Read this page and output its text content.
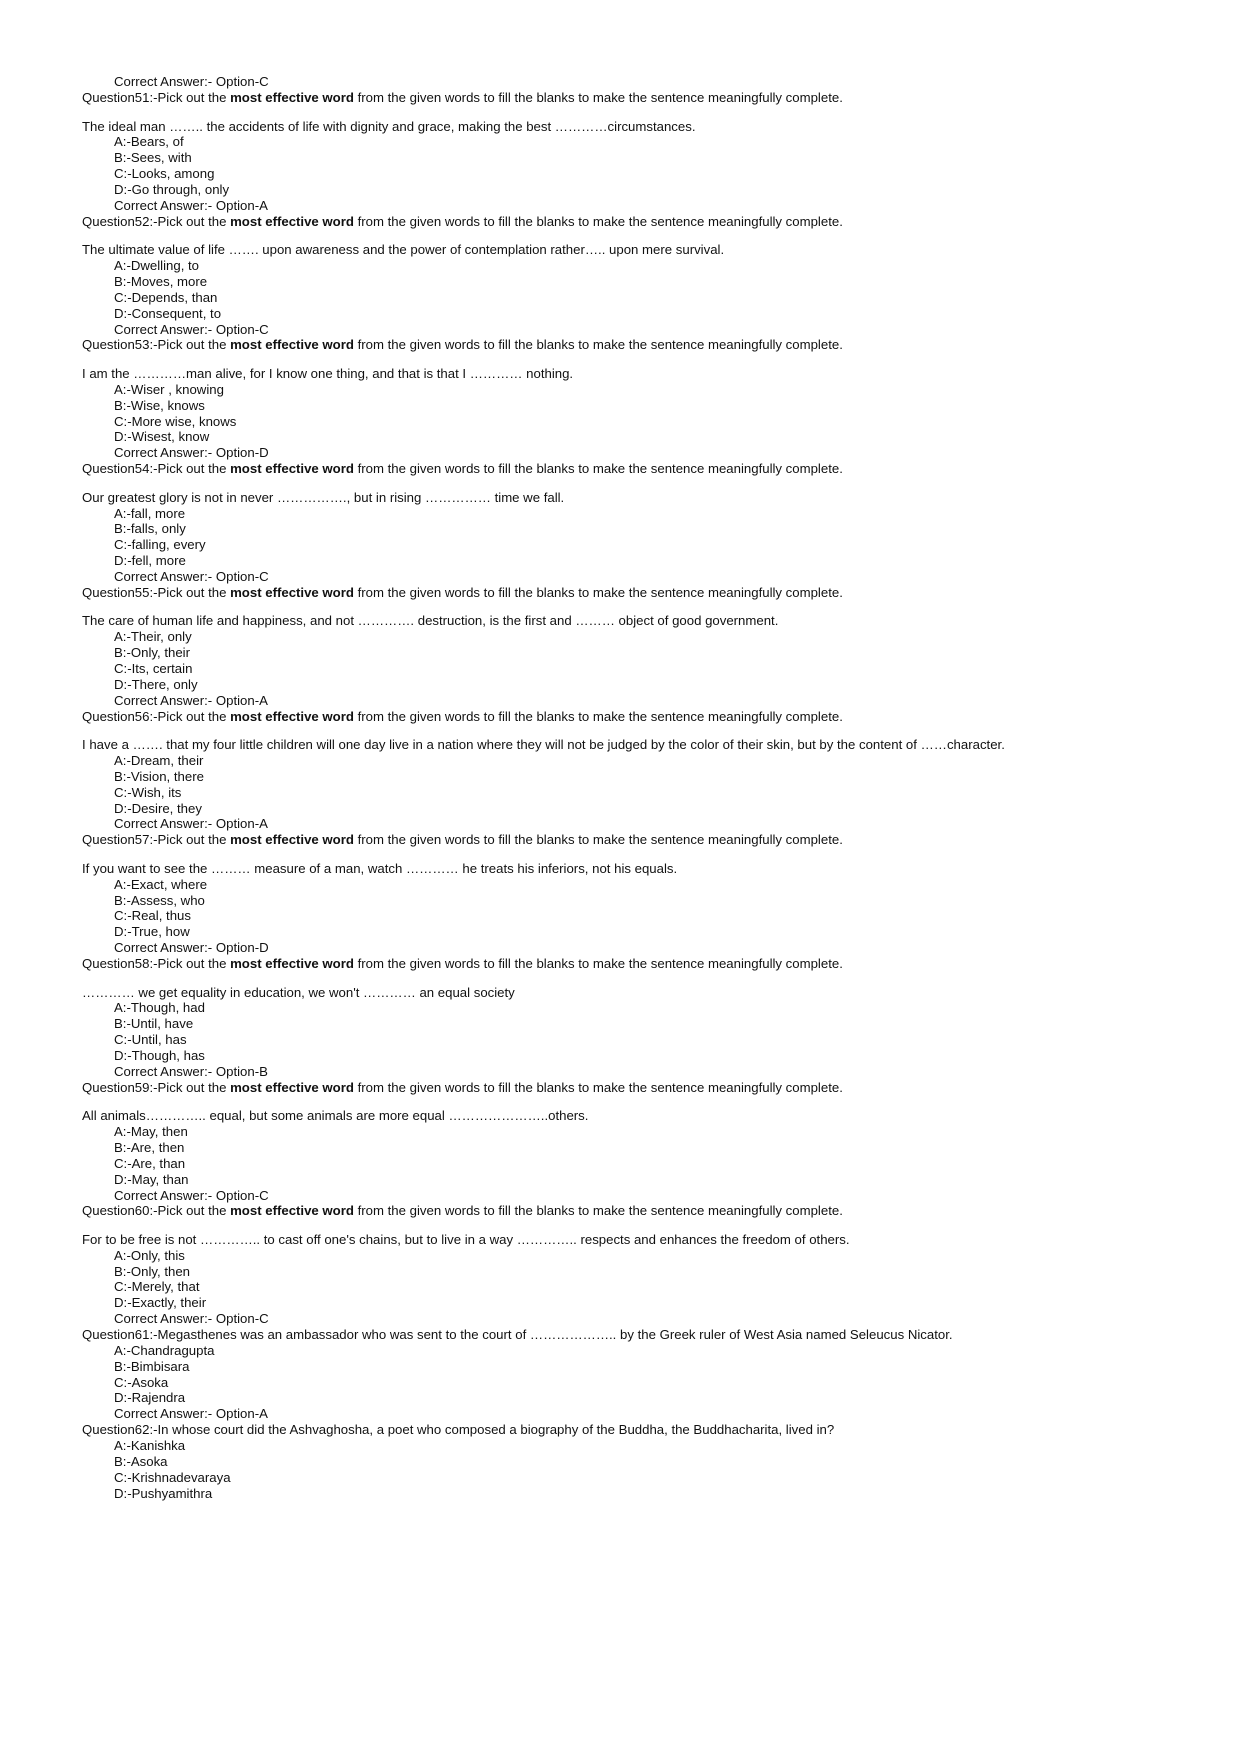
Correct Answer:- Option-C
Question51:-Pick out the most effective word from the given words to fill the blanks to make the sentence meaningfully complete.
The ideal man …….. the accidents of life with dignity and grace, making the best …………circumstances.
A:-Bears, of
B:-Sees, with
C:-Looks, among
D:-Go through, only
Correct Answer:- Option-A
Question52:-Pick out the most effective word from the given words to fill the blanks to make the sentence meaningfully complete.
The ultimate value of life ……. upon awareness and the power of contemplation rather….. upon mere survival.
A:-Dwelling, to
B:-Moves, more
C:-Depends, than
D:-Consequent, to
Correct Answer:- Option-C
Question53:-Pick out the most effective word from the given words to fill the blanks to make the sentence meaningfully complete.
I am the …………man alive, for I know one thing, and that is that I ………… nothing.
A:-Wiser , knowing
B:-Wise, knows
C:-More wise, knows
D:-Wisest, know
Correct Answer:- Option-D
Question54:-Pick out the most effective word from the given words to fill the blanks to make the sentence meaningfully complete.
Our greatest glory is not in never ……………., but in rising …………… time we fall.
A:-fall, more
B:-falls, only
C:-falling, every
D:-fell, more
Correct Answer:- Option-C
Question55:-Pick out the most effective word from the given words to fill the blanks to make the sentence meaningfully complete.
The care of human life and happiness, and not …………. destruction, is the first and ……… object of good government.
A:-Their, only
B:-Only, their
C:-Its, certain
D:-There, only
Correct Answer:- Option-A
Question56:-Pick out the most effective word from the given words to fill the blanks to make the sentence meaningfully complete.
I have a ……. that my four little children will one day live in a nation where they will not be judged by the color of their skin, but by the content of ……character.
A:-Dream, their
B:-Vision, there
C:-Wish, its
D:-Desire, they
Correct Answer:- Option-A
Question57:-Pick out the most effective word from the given words to fill the blanks to make the sentence meaningfully complete.
If you want to see the ……… measure of a man, watch ………… he treats his inferiors, not his equals.
A:-Exact, where
B:-Assess, who
C:-Real, thus
D:-True, how
Correct Answer:- Option-D
Question58:-Pick out the most effective word from the given words to fill the blanks to make the sentence meaningfully complete.
………… we get equality in education, we won't ………… an equal society
A:-Though, had
B:-Until, have
C:-Until, has
D:-Though, has
Correct Answer:- Option-B
Question59:-Pick out the most effective word from the given words to fill the blanks to make the sentence meaningfully complete.
All animals………….. equal, but some animals are more equal …………………..others.
A:-May, then
B:-Are, then
C:-Are, than
D:-May, than
Correct Answer:- Option-C
Question60:-Pick out the most effective word from the given words to fill the blanks to make the sentence meaningfully complete.
For to be free is not ………….. to cast off one's chains, but to live in a way ………….. respects and enhances the freedom of others.
A:-Only, this
B:-Only, then
C:-Merely, that
D:-Exactly, their
Correct Answer:- Option-C
Question61:-Megasthenes was an ambassador who was sent to the court of ……………….. by the Greek ruler of West Asia named Seleucus Nicator.
A:-Chandragupta
B:-Bimbisara
C:-Asoka
D:-Rajendra
Correct Answer:- Option-A
Question62:-In whose court did the Ashvaghosha, a poet who composed a biography of the Buddha, the Buddhacharita, lived in?
A:-Kanishka
B:-Asoka
C:-Krishnadevaraya
D:-Pushyamithra
